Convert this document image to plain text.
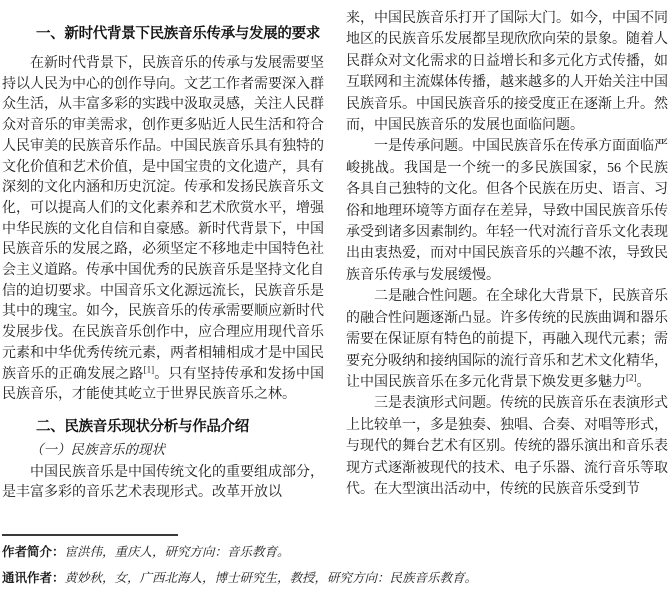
一、新时代背景下民族音乐传承与发展的要求

在新时代背景下，民族音乐的传承与发展需要坚持以人民为中心的创作导向。文艺工作者需要深入群众生活，从丰富多彩的实践中汲取灵感，关注人民群众对音乐的审美需求，创作更多贴近人民生活和符合人民审美的民族音乐作品。中国民族音乐具有独特的文化价值和艺术价值，是中国宝贵的文化遗产，具有深刻的文化内涵和历史沉淀。传承和发扬民族音乐文化，可以提高人们的文化素养和艺术欣赏水平，增强中华民族的文化自信和自豪感。新时代背景下，中国民族音乐的发展之路，必须坚定不移地走中国特色社会主义道路。传承中国优秀的民族音乐是坚持文化自信的迫切要求。中国音乐文化源远流长，民族音乐是其中的瑰宝。如今，民族音乐的传承需要顺应新时代发展步伐。在民族音乐创作中，应合理应用现代音乐元素和中华优秀传统元素，两者相辅相成才是中国民族音乐的正确发展之路[1]。只有坚持传承和发扬中国民族音乐，才能使其屹立于世界民族音乐之林。

二、民族音乐现状分析与作品介绍

（一）民族音乐的现状

中国民族音乐是中国传统文化的重要组成部分，是丰富多彩的音乐艺术表现形式。改革开放以

来，中国民族音乐打开了国际大门。如今，中国不同地区的民族音乐发展都呈现欣欣向荣的景象。随着人民群众对文化需求的日益增长和多元化方式传播，如互联网和主流媒体传播，越来越多的人开始关注中国民族音乐。中国民族音乐的接受度正在逐渐上升。然而，中国民族音乐的发展也面临问题。

一是传承问题。中国民族音乐在传承方面面临严峻挑战。我国是一个统一的多民族国家，56 个民族各具自己独特的文化。但各个民族在历史、语言、习俗和地理环境等方面存在差异，导致中国民族音乐传承受到诸多因素制约。年轻一代对流行音乐文化表现出由衷热爱，而对中国民族音乐的兴趣不浓，导致民族音乐传承与发展缓慢。

二是融合性问题。在全球化大背景下，民族音乐的融合性问题逐渐凸显。许多传统的民族曲调和器乐需要在保证原有特色的前提下，再融入现代元素；需要充分吸纳和接纳国际的流行音乐和艺术文化精华，让中国民族音乐在多元化背景下焕发更多魅力[2]。

三是表演形式问题。传统的民族音乐在表演形式上比较单一，多是独奏、独唱、合奏、对唱等形式，与现代的舞台艺术有区别。传统的器乐演出和音乐表现方式逐渐被现代的技术、电子乐器、流行音乐等取代。在大型演出活动中，传统的民族音乐受到节

作者简介：宦洪伟，重庆人，研究方向：音乐教育。

通讯作者：黄妙秋，女，广西北海人，博士研究生，教授，研究方向：民族音乐教育。
